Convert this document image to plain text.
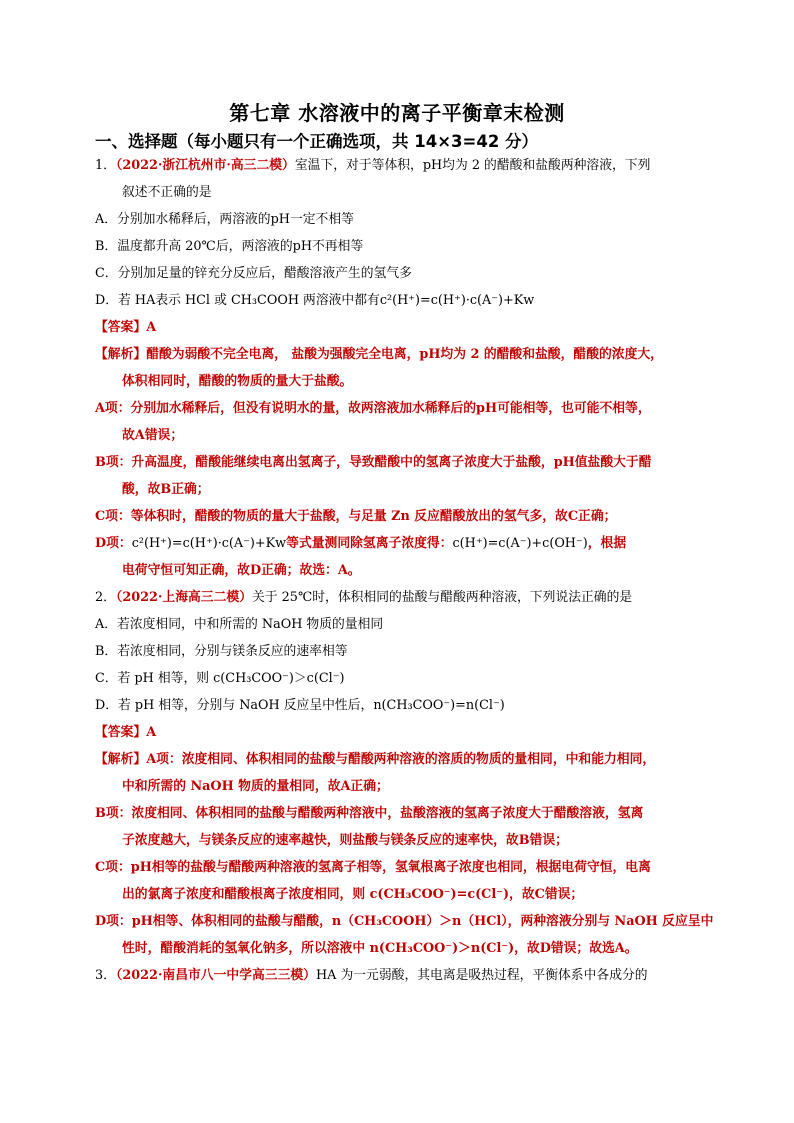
第七章 水溶液中的离子平衡章末检测
一、选择题（每小题只有一个正确选项，共 14×3=42 分）
1．（2022·浙江杭州市·高三二模）室温下，对于等体积，pH均为 2 的醋酸和盐酸两种溶液，下列
叙述不正确的是
A．分别加水稀释后，两溶液的pH一定不相等
B．温度都升高 20℃后，两溶液的pH不再相等
C．分别加足量的锌充分反应后，醋酸溶液产生的氢气多
D．若 HA表示 HCl 或 CH₃COOH 两溶液中都有c²(H⁺)=c(H⁺)·c(A⁻)+Kw
【答案】A
【解析】醋酸为弱酸不完全电离， 盐酸为强酸完全电离，pH均为 2 的醋酸和盐酸，醋酸的浓度大，
体积相同时，醋酸的物质的量大于盐酸。
A项：分别加水稀释后，但没有说明水的量，故两溶液加水稀释后的pH可能相等，也可能不相等，
故A错误；
B项：升高温度，醋酸能继续电离出氢离子，导致醋酸中的氢离子浓度大于盐酸，pH值盐酸大于醋
酸，故B正确；
C项：等体积时，醋酸的物质的量大于盐酸，与足量 Zn 反应醋酸放出的氢气多，故C正确；
D项：c²(H⁺)=c(H⁺)·c(A⁻)+Kw等式量测同除氢离子浓度得：c(H⁺)=c(A⁻)+c(OH⁻)，根据
电荷守恒可知正确，故D正确；故选：A。
2．（2022·上海高三二模）关于 25℃时，体积相同的盐酸与醋酸两种溶液，下列说法正确的是
A．若浓度相同，中和所需的 NaOH 物质的量相同
B．若浓度相同，分别与镁条反应的速率相等
C．若 pH 相等，则 c(CH₃COO⁻)＞c(Cl⁻)
D．若 pH 相等，分别与 NaOH 反应呈中性后，n(CH₃COO⁻)=n(Cl⁻)
【答案】A
【解析】A项：浓度相同、体积相同的盐酸与醋酸两种溶液的溶质的物质的量相同，中和能力相同，
中和所需的 NaOH 物质的量相同，故A正确；
B项：浓度相同、体积相同的盐酸与醋酸两种溶液中，盐酸溶液的氢离子浓度大于醋酸溶液，氢离
子浓度越大，与镁条反应的速率越快，则盐酸与镁条反应的速率快，故B错误；
C项：pH相等的盐酸与醋酸两种溶液的氢离子相等，氢氧根离子浓度也相同，根据电荷守恒，电离
出的氯离子浓度和醋酸根离子浓度相同，则 c(CH₃COO⁻)=c(Cl⁻)，故C错误；
D项：pH相等、体积相同的盐酸与醋酸，n（CH₃COOH）＞n（HCl），两种溶液分别与 NaOH 反应呈中
性时，醋酸消耗的氢氧化钠多，所以溶液中 n(CH₃COO⁻)＞n(Cl⁻)，故D错误；故选A。
3．（2022·南昌市八一中学高三三模）HA 为一元弱酸，其电离是吸热过程，平衡体系中各成分的
